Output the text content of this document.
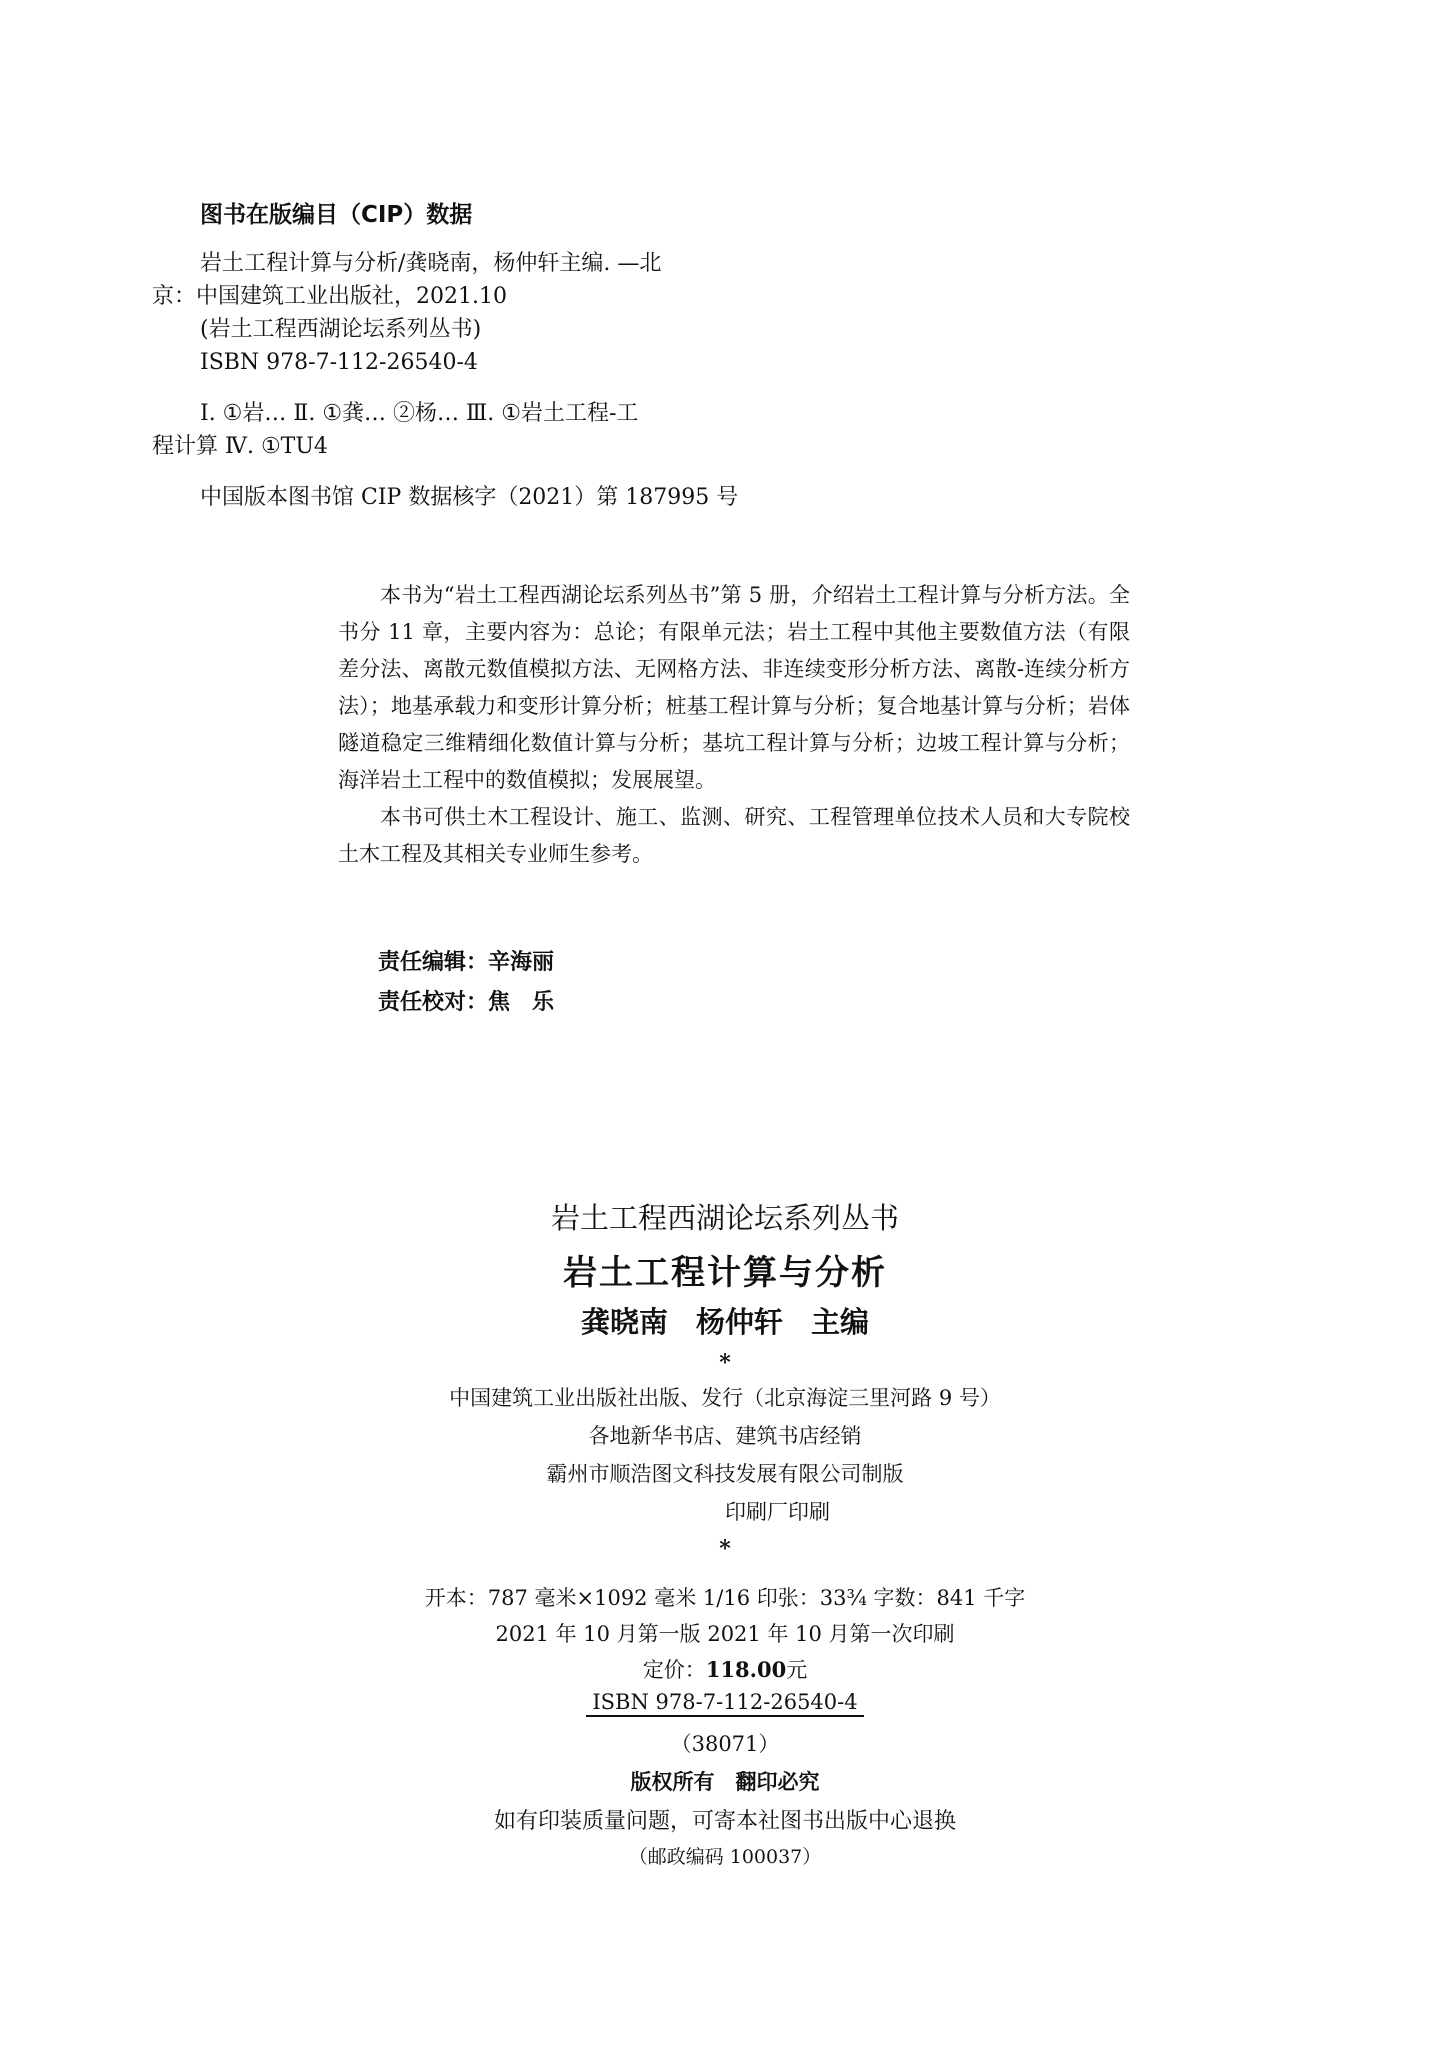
图书在版编目（CIP）数据
岩土工程计算与分析/龚晓南，杨仲轩主编. —北
京：中国建筑工业出版社，2021.10
(岩土工程西湖论坛系列丛书)
ISBN 978-7-112-26540-4
Ⅰ. ①岩… Ⅱ. ①龚… ②杨… Ⅲ. ①岩土工程-工
程计算 Ⅳ. ①TU4
中国版本图书馆 CIP 数据核字（2021）第 187995 号

本书为“岩土工程西湖论坛系列丛书”第 5 册，介绍岩土工程计算与分析方法。全书分 11 章，主要内容为：总论；有限单元法；岩土工程中其他主要数值方法（有限差分法、离散元数值模拟方法、无网格方法、非连续变形分析方法、离散-连续分析方法）；地基承载力和变形计算分析；桩基工程计算与分析；复合地基计算与分析；岩体隧道稳定三维精细化数值计算与分析；基坑工程计算与分析；边坡工程计算与分析；海洋岩土工程中的数值模拟；发展展望。

本书可供土木工程设计、施工、监测、研究、工程管理单位技术人员和大专院校土木工程及其相关专业师生参考。

责任编辑：辛海丽
责任校对：焦　乐
岩土工程西湖论坛系列丛书
岩土工程计算与分析
龚晓南 杨仲轩 主编
*
中国建筑工业出版社出版、发行（北京海淀三里河路 9 号）
各地新华书店、建筑书店经销
霸州市顺浩图文科技发展有限公司制版
印刷厂印刷
*
开本：787 毫米×1092 毫米 1/16 印张：33¾ 字数：841 千字
2021 年 10 月第一版 2021 年 10 月第一次印刷
定价：118.00元
ISBN 978-7-112-26540-4
（38071）
版权所有　翻印必究
如有印装质量问题，可寄本社图书出版中心退换
（邮政编码 100037）
